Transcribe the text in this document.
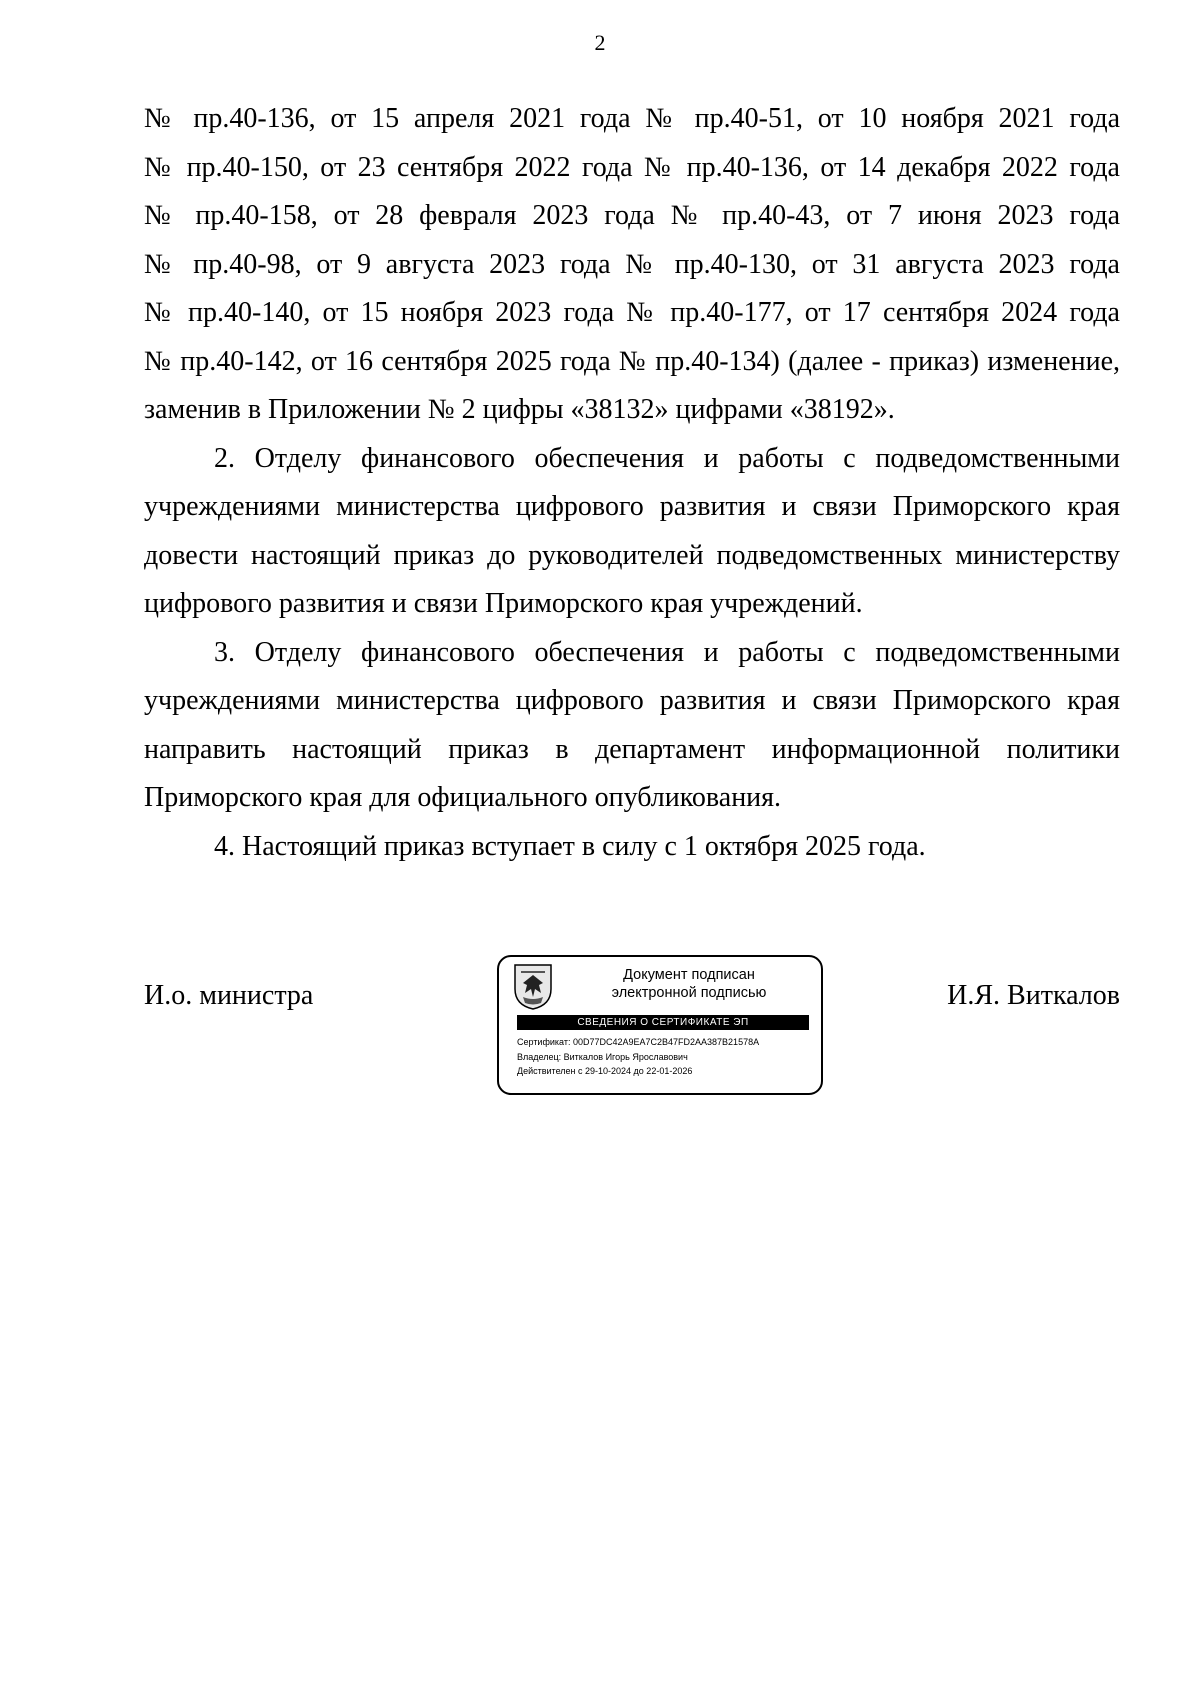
2

№ пр.40-136, от 15 апреля 2021 года № пр.40-51, от 10 ноября 2021 года
№ пр.40-150, от 23 сентября 2022 года № пр.40-136, от 14 декабря 2022 года
№ пр.40-158, от 28 февраля 2023 года № пр.40-43, от 7 июня 2023 года
№ пр.40-98, от 9 августа 2023 года № пр.40-130, от 31 августа 2023 года
№ пр.40-140, от 15 ноября 2023 года № пр.40-177, от 17 сентября 2024 года
№ пр.40-142, от 16 сентября 2025 года № пр.40-134) (далее - приказ) изменение,
заменив в Приложении № 2 цифры «38132» цифрами «38192».

2. Отделу финансового обеспечения и работы с подведомственными
учреждениями министерства цифрового развития и связи Приморского края
довести настоящий приказ до руководителей подведомственных министерству
цифрового развития и связи Приморского края учреждений.

3. Отделу финансового обеспечения и работы с подведомственными
учреждениями министерства цифрового развития и связи Приморского края
направить настоящий приказ в департамент информационной политики
Приморского края для официального опубликования.

4. Настоящий приказ вступает в силу с 1 октября 2025 года.

И.о. министра	И.Я. Виткалов
Документ подписан
электронной подписью
СВЕДЕНИЯ О СЕРТИФИКАТЕ ЭП
Сертификат: 00D77DC42A9EA7C2B47FD2AA387B21578A
Владелец: Виткалов Игорь Ярославович
Действителен с 29-10-2024 до 22-01-2026
